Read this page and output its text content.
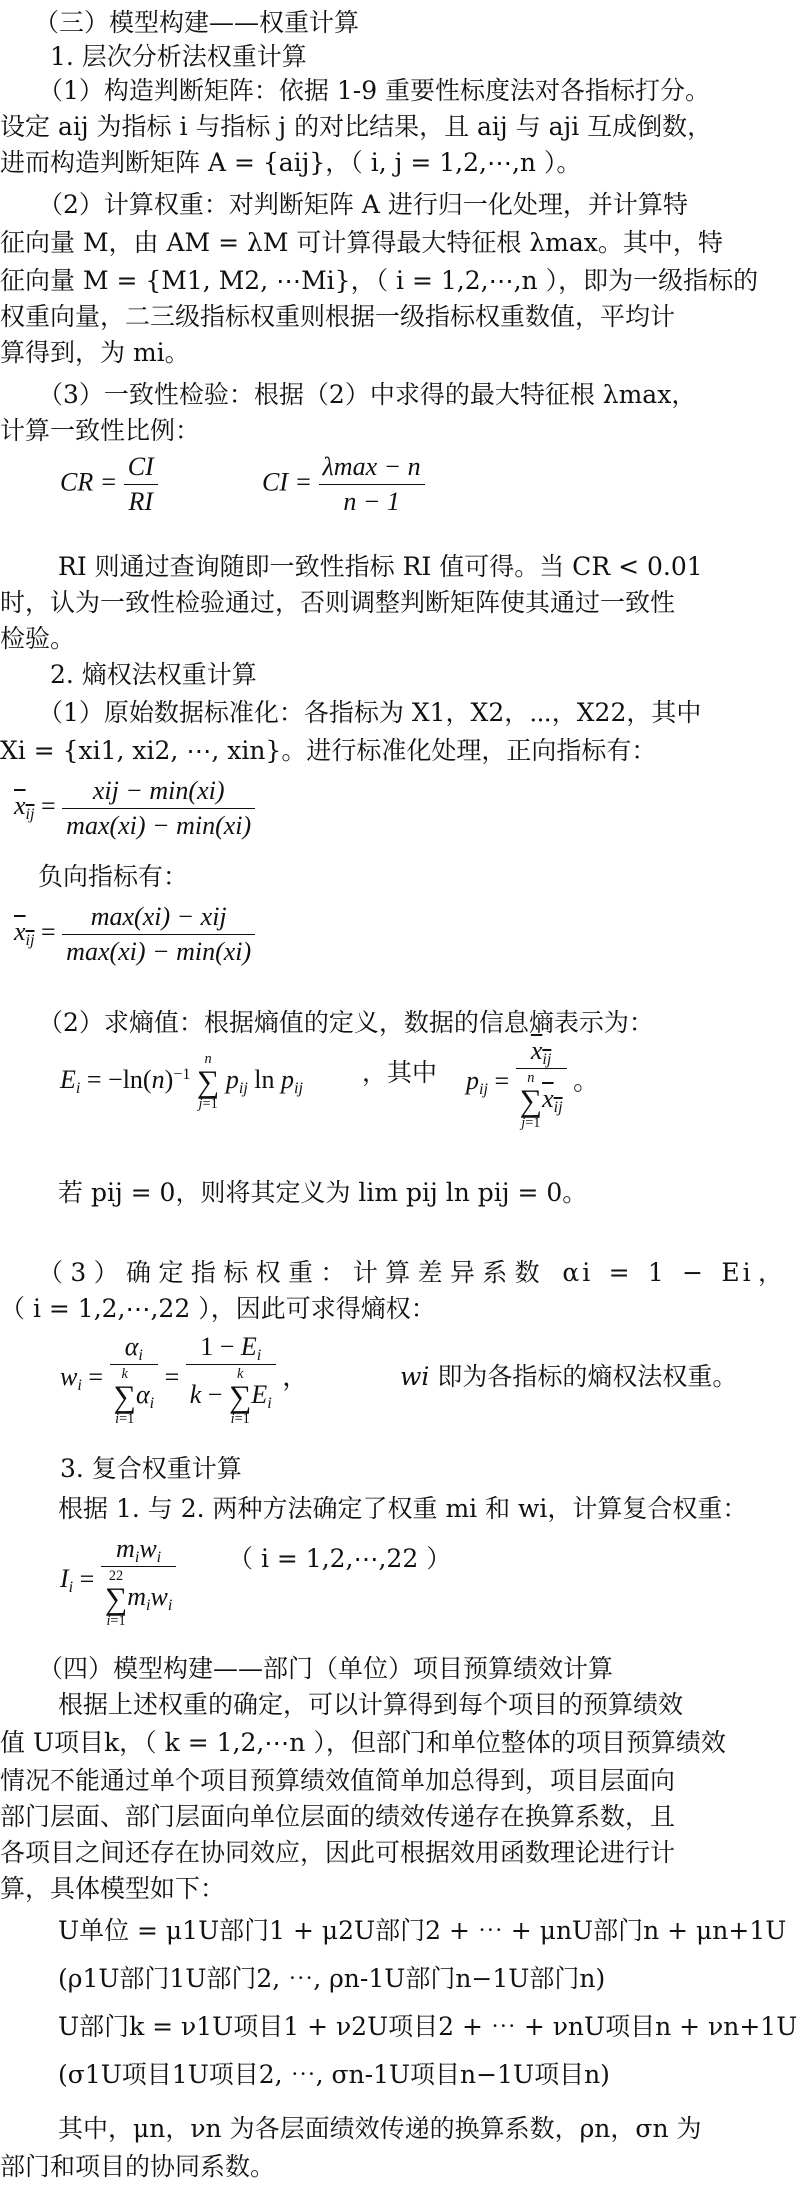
（三）模型构建——权重计算
1. 层次分析法权重计算
（1）构造判断矩阵：依据 1-9 重要性标度法对各指标打分。
设定 aij 为指标 i 与指标 j 的对比结果，且 aij 与 aji 互成倒数，
进而构造判断矩阵 A = {aij}，（ i, j = 1,2,⋯,n ）。
（2）计算权重：对判断矩阵 A 进行归一化处理，并计算特
征向量 M，由 AM = λM 可计算得最大特征根 λmax。其中，特
征向量 M = {M1, M2, ⋯Mi}，（ i = 1,2,⋯,n ），即为一级指标的
权重向量，二三级指标权重则根据一级指标权重数值，平均计
算得到，为 mi。
（3）一致性检验：根据（2）中求得的最大特征根 λmax，
计算一致性比例：
CR = $\frac{CI}{RI}$	CI = $\frac{\lambda\max - n}{n - 1}$
RI 则通过查询随即一致性指标 RI 值可得。当 CR < 0.01
时，认为一致性检验通过，否则调整判断矩阵使其通过一致性
检验。
2. 熵权法权重计算
（1）原始数据标准化：各指标为 X1，X2，⋯，X22，其中
Xi = {xi1, xi2, ⋯, xin}。进行标准化处理，正向指标有：
$x_{ij} = \frac{\text{xij − min(xi)}}{\max(xi) - \min(xi)}$
负向指标有：
$x_{ij} = \frac{\text{max(xi) − xij}}{\max(xi) - \min(xi)}$
（2）求熵值：根据熵值的定义，数据的信息熵表示为：
$E_i = -\ln(n)^{-1}$ n
∑
j=1 $p_{ij}$ $\ln p_{ij}$
，其中	$p_{ij} = x_{ij}$
n
∑
$j=1x_{ij}$ 。
若 pij = 0，则将其定义为 lim pij ln pij = 0。
（3）确定指标权重：计算差异系数 αi = 1 − Ei，
（ i = 1,2,⋯,22 ），因此可求得熵权：
$w_i = \alpha_i$
k
∑
$i=1\alpha_i = 1 - E_i$
k − k
∑
$i=1E_i$ ，	wi 即为各指标的熵权法权重。
3. 复合权重计算
根据 1. 与 2. 两种方法确定了权重 mi 和 wi，计算复合权重：
$I_i = m_iw_i$
22
∑
$i=1m_iw_i$ （ i = 1,2,⋯,22 ）
（四）模型构建——部门（单位）项目预算绩效计算
根据上述权重的确定，可以计算得到每个项目的预算绩效
值 U项目k，（ k = 1,2,⋯n ），但部门和单位整体的项目预算绩效
情况不能通过单个项目预算绩效值简单加总得到，项目层面向
部门层面、部门层面向单位层面的绩效传递存在换算系数，且
各项目之间还存在协同效应，因此可根据效用函数理论进行计
算，具体模型如下：
U单位 = μ1U部门1 + μ2U部门2 + ⋯ + μnU部门n + μn+1U
(ρ1U部门1U部门2, ⋯, ρn-1U部门n−1U部门n)
U部门k = ν1U项目1 + ν2U项目2 + ⋯ + νnU项目n + νn+1U
(σ1U项目1U项目2, ⋯, σn-1U项目n−1U项目n)
其中，μn，νn 为各层面绩效传递的换算系数，ρn，σn 为
部门和项目的协同系数。
